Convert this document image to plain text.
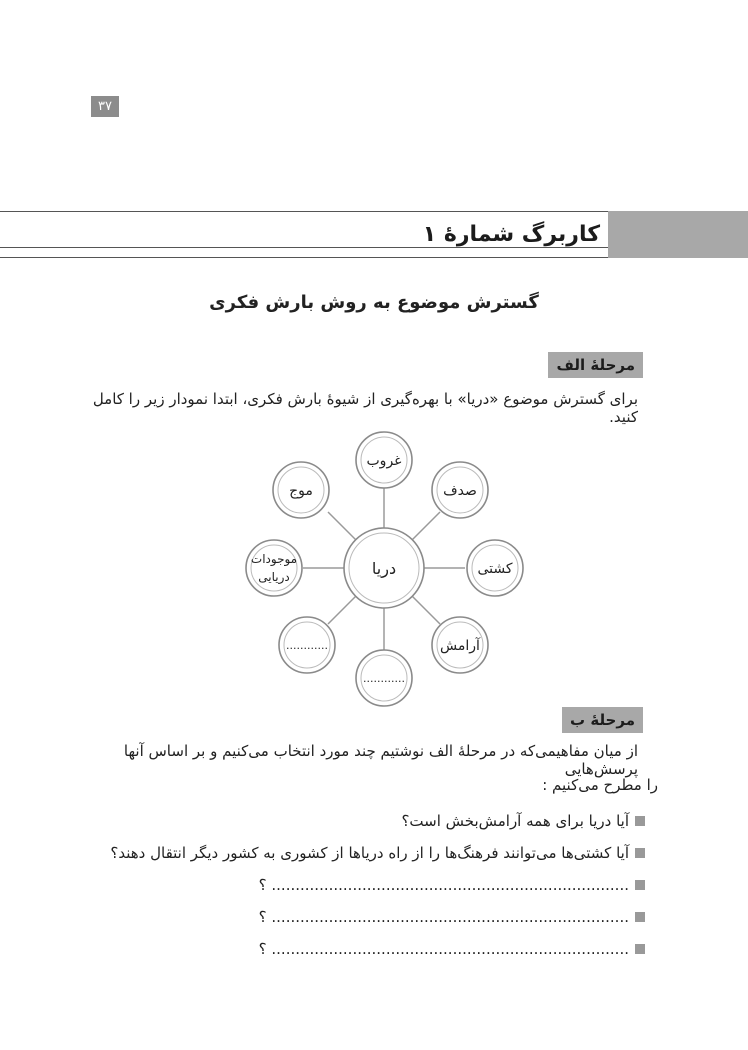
۳۷
کاربرگ شمارهٔ ۱
گسترش موضوع به روش بارش فکری
مرحلهٔ الف
برای گسترش موضوع «دریا» با بهره‌گیری از شیوهٔ بارش فکری، ابتدا نمودار زیر را کامل کنید.
دریا
غروب
صدف
کشتی
آرامش
............
............
موجودات
دریایی
موج
مرحلهٔ ب
از میان مفاهیمی‌که در مرحلهٔ الف نوشتیم چند مورد انتخاب می‌کنیم و بر اساس آنها پرسش‌هایی
را مطرح می‌کنیم :
آیا دریا برای همه آرامش‌بخش است؟
آیا کشتی‌ها می‌توانند فرهنگ‌ها را از راه دریاها از کشوری به کشور دیگر انتقال دهند؟
........................................................................... ؟
........................................................................... ؟
........................................................................... ؟
